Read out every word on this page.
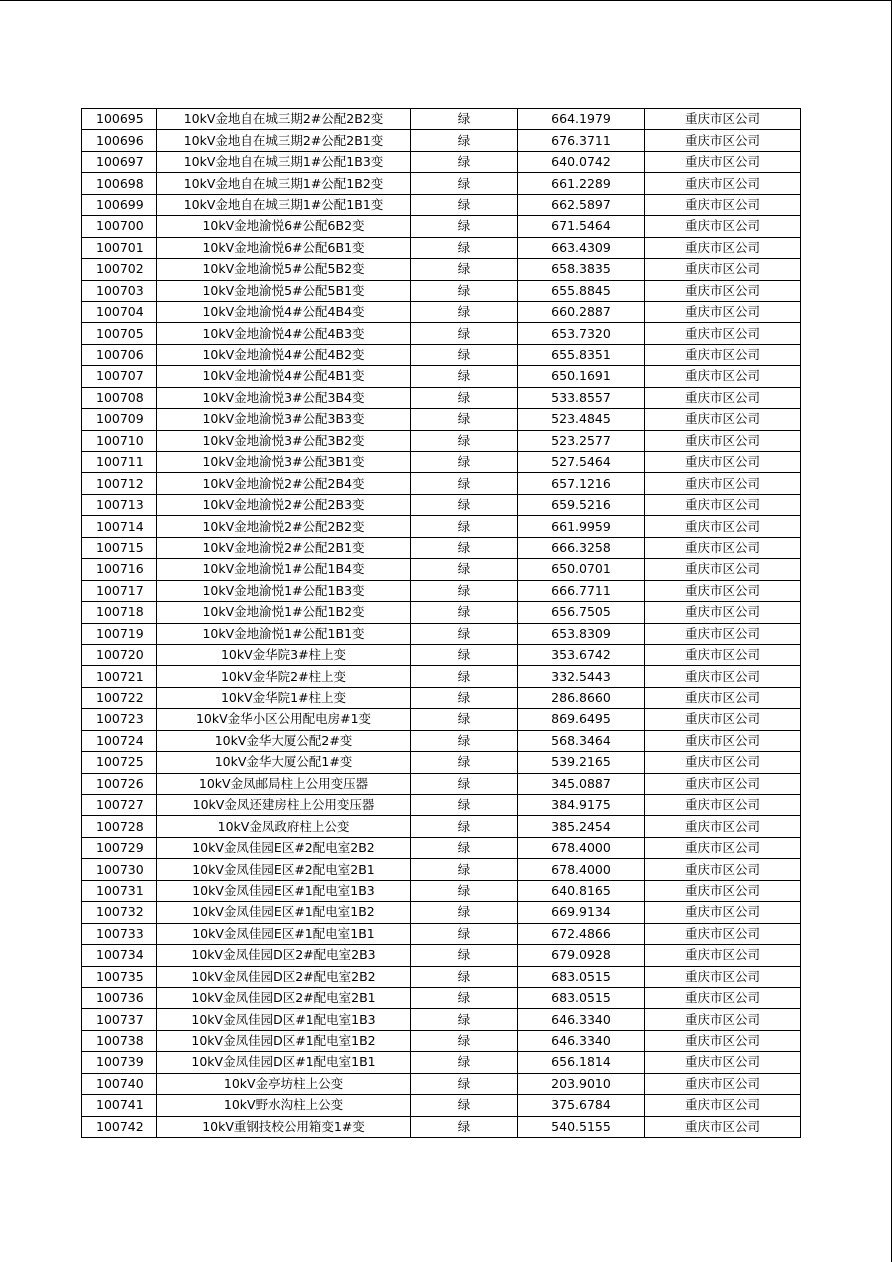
100695	10kV金地自在城三期2#公配2B2变	绿	664.1979	重庆市区公司
100696	10kV金地自在城三期2#公配2B1变	绿	676.3711	重庆市区公司
100697	10kV金地自在城三期1#公配1B3变	绿	640.0742	重庆市区公司
100698	10kV金地自在城三期1#公配1B2变	绿	661.2289	重庆市区公司
100699	10kV金地自在城三期1#公配1B1变	绿	662.5897	重庆市区公司
100700	10kV金地渝悦6#公配6B2变	绿	671.5464	重庆市区公司
100701	10kV金地渝悦6#公配6B1变	绿	663.4309	重庆市区公司
100702	10kV金地渝悦5#公配5B2变	绿	658.3835	重庆市区公司
100703	10kV金地渝悦5#公配5B1变	绿	655.8845	重庆市区公司
100704	10kV金地渝悦4#公配4B4变	绿	660.2887	重庆市区公司
100705	10kV金地渝悦4#公配4B3变	绿	653.7320	重庆市区公司
100706	10kV金地渝悦4#公配4B2变	绿	655.8351	重庆市区公司
100707	10kV金地渝悦4#公配4B1变	绿	650.1691	重庆市区公司
100708	10kV金地渝悦3#公配3B4变	绿	533.8557	重庆市区公司
100709	10kV金地渝悦3#公配3B3变	绿	523.4845	重庆市区公司
100710	10kV金地渝悦3#公配3B2变	绿	523.2577	重庆市区公司
100711	10kV金地渝悦3#公配3B1变	绿	527.5464	重庆市区公司
100712	10kV金地渝悦2#公配2B4变	绿	657.1216	重庆市区公司
100713	10kV金地渝悦2#公配2B3变	绿	659.5216	重庆市区公司
100714	10kV金地渝悦2#公配2B2变	绿	661.9959	重庆市区公司
100715	10kV金地渝悦2#公配2B1变	绿	666.3258	重庆市区公司
100716	10kV金地渝悦1#公配1B4变	绿	650.0701	重庆市区公司
100717	10kV金地渝悦1#公配1B3变	绿	666.7711	重庆市区公司
100718	10kV金地渝悦1#公配1B2变	绿	656.7505	重庆市区公司
100719	10kV金地渝悦1#公配1B1变	绿	653.8309	重庆市区公司
100720	10kV金华院3#柱上变	绿	353.6742	重庆市区公司
100721	10kV金华院2#柱上变	绿	332.5443	重庆市区公司
100722	10kV金华院1#柱上变	绿	286.8660	重庆市区公司
100723	10kV金华小区公用配电房#1变	绿	869.6495	重庆市区公司
100724	10kV金华大厦公配2#变	绿	568.3464	重庆市区公司
100725	10kV金华大厦公配1#变	绿	539.2165	重庆市区公司
100726	10kV金凤邮局柱上公用变压器	绿	345.0887	重庆市区公司
100727	10kV金凤还建房柱上公用变压器	绿	384.9175	重庆市区公司
100728	10kV金凤政府柱上公变	绿	385.2454	重庆市区公司
100729	10kV金凤佳园E区#2配电室2B2	绿	678.4000	重庆市区公司
100730	10kV金凤佳园E区#2配电室2B1	绿	678.4000	重庆市区公司
100731	10kV金凤佳园E区#1配电室1B3	绿	640.8165	重庆市区公司
100732	10kV金凤佳园E区#1配电室1B2	绿	669.9134	重庆市区公司
100733	10kV金凤佳园E区#1配电室1B1	绿	672.4866	重庆市区公司
100734	10kV金凤佳园D区2#配电室2B3	绿	679.0928	重庆市区公司
100735	10kV金凤佳园D区2#配电室2B2	绿	683.0515	重庆市区公司
100736	10kV金凤佳园D区2#配电室2B1	绿	683.0515	重庆市区公司
100737	10kV金凤佳园D区#1配电室1B3	绿	646.3340	重庆市区公司
100738	10kV金凤佳园D区#1配电室1B2	绿	646.3340	重庆市区公司
100739	10kV金凤佳园D区#1配电室1B1	绿	656.1814	重庆市区公司
100740	10kV金亭坊柱上公变	绿	203.9010	重庆市区公司
100741	10kV野水沟柱上公变	绿	375.6784	重庆市区公司
100742	10kV重钢技校公用箱变1#变	绿	540.5155	重庆市区公司
